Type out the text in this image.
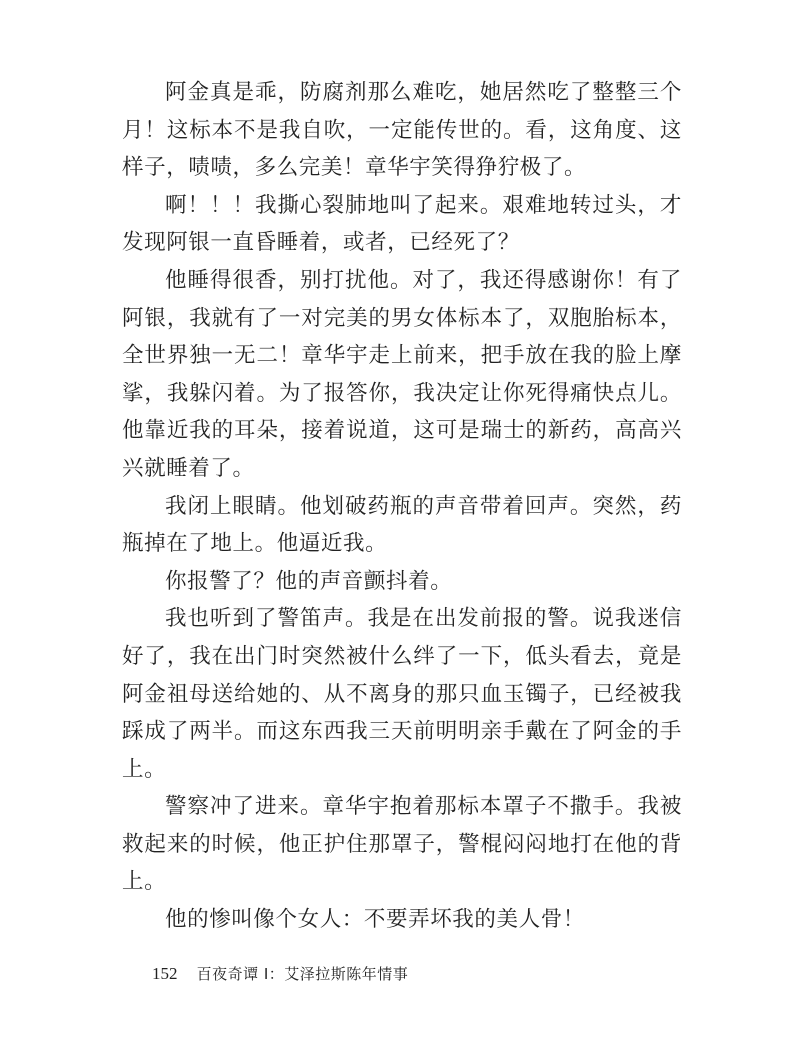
阿金真是乖，防腐剂那么难吃，她居然吃了整整三个月！这标本不是我自吹，一定能传世的。看，这角度、这样子，啧啧，多么完美！章华宇笑得狰狞极了。

啊！！！我撕心裂肺地叫了起来。艰难地转过头，才发现阿银一直昏睡着，或者，已经死了？

他睡得很香，别打扰他。对了，我还得感谢你！有了阿银，我就有了一对完美的男女体标本了，双胞胎标本，全世界独一无二！章华宇走上前来，把手放在我的脸上摩挲，我躲闪着。为了报答你，我决定让你死得痛快点儿。他靠近我的耳朵，接着说道，这可是瑞士的新药，高高兴兴就睡着了。

我闭上眼睛。他划破药瓶的声音带着回声。突然，药瓶掉在了地上。他逼近我。

你报警了？他的声音颤抖着。

我也听到了警笛声。我是在出发前报的警。说我迷信好了，我在出门时突然被什么绊了一下，低头看去，竟是阿金祖母送给她的、从不离身的那只血玉镯子，已经被我踩成了两半。而这东西我三天前明明亲手戴在了阿金的手上。

警察冲了进来。章华宇抱着那标本罩子不撒手。我被救起来的时候，他正护住那罩子，警棍闷闷地打在他的背上。

他的惨叫像个女人：不要弄坏我的美人骨！

152 百夜奇谭 Ⅰ：艾泽拉斯陈年情事
